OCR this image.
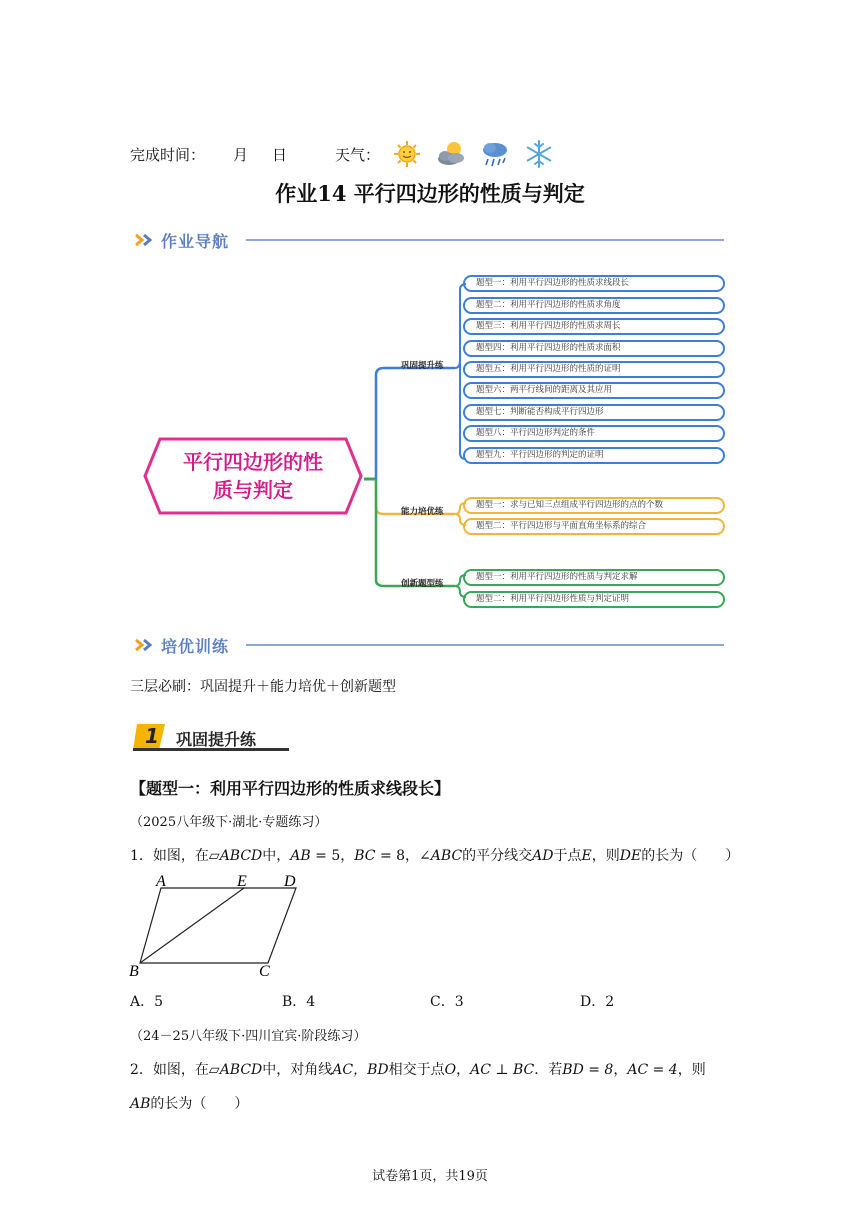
完成时间： 月 日	天气：
作业14 平行四边形的性质与判定
作业导航
平行四边形的性
质与判定
巩固提升练
能力培优练
创新题型练
题型一：利用平行四边形的性质求线段长
题型二：利用平行四边形的性质求角度
题型三：利用平行四边形的性质求周长
题型四：利用平行四边形的性质求面积
题型五：利用平行四边形的性质的证明
题型六：两平行线间的距离及其应用
题型七：判断能否构成平行四边形
题型八：平行四边形判定的条件
题型九：平行四边形的判定的证明
题型一：求与已知三点组成平行四边形的点的个数
题型二：平行四边形与平面直角坐标系的综合
题型一：利用平行四边形的性质与判定求解
题型二：利用平行四边形性质与判定证明
培优训练
三层必刷：巩固提升＋能力培优＋创新题型
1 巩固提升练
【题型一：利用平行四边形的性质求线段长】
（2025八年级下·湖北·专题练习）
1．如图，在▱ABCD中，AB = 5，BC = 8，∠ABC的平分线交AD于点E，则DE的长为（　　）
A	E D
B	C
A．5	B．4	C．3	D．2
（24－25八年级下·四川宜宾·阶段练习）
2．如图，在▱ABCD中，对角线AC，BD相交于点O，AC ⊥ BC．若BD = 8，AC = 4，则
AB的长为（　　）
试卷第1页，共19页
